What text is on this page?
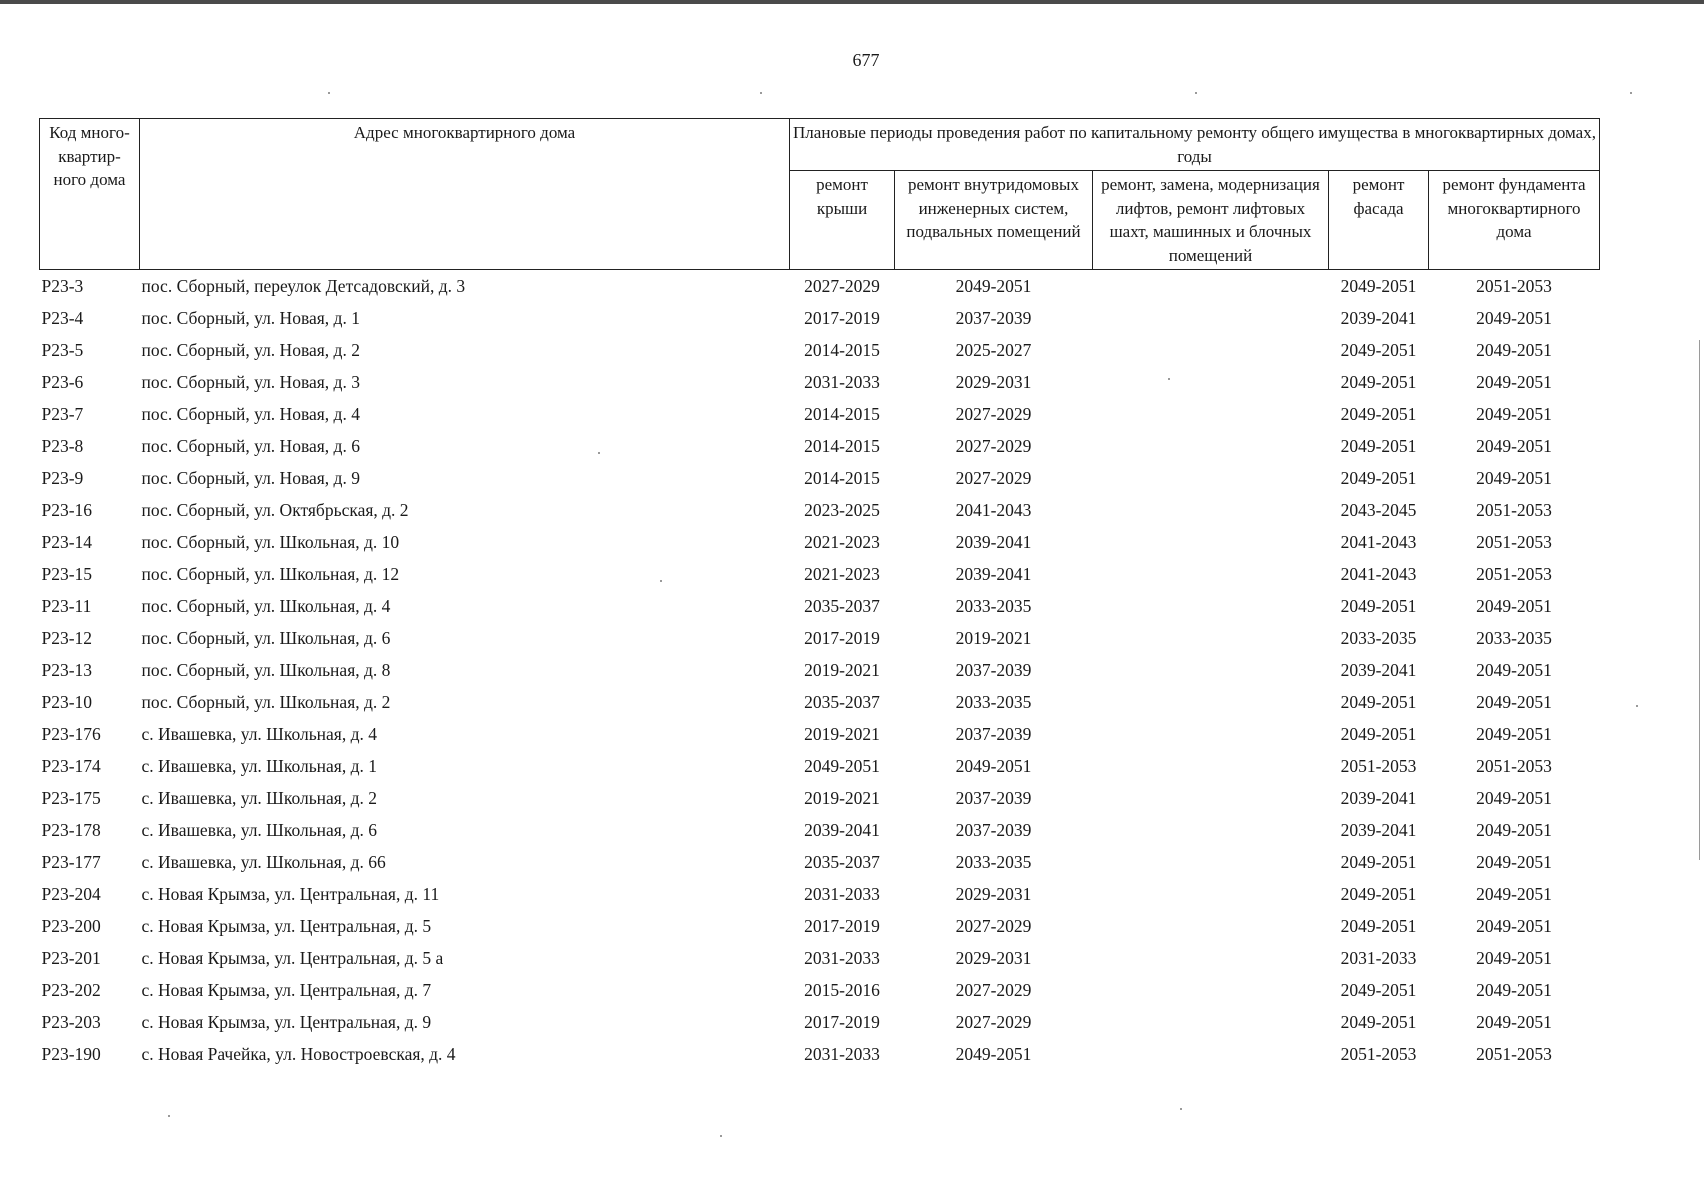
677
Код много-квартир-ного дома	Адрес многоквартирного дома	Плановые периоды проведения работ по капитальному ремонту общего имущества в многоквартирных домах, годы				
		ремонт крыши	ремонт внутридомовых инженерных систем, подвальных помещений	ремонт, замена, модернизация лифтов, ремонт лифтовых шахт, машинных и блочных помещений	ремонт фасада	ремонт фундамента многоквартирного дома
Р23-3	пос. Сборный, переулок Детсадовский, д. 3	2027-2029	2049-2051		2049-2051	2051-2053
Р23-4	пос. Сборный, ул. Новая, д. 1	2017-2019	2037-2039		2039-2041	2049-2051
Р23-5	пос. Сборный, ул. Новая, д. 2	2014-2015	2025-2027		2049-2051	2049-2051
Р23-6	пос. Сборный, ул. Новая, д. 3	2031-2033	2029-2031		2049-2051	2049-2051
Р23-7	пос. Сборный, ул. Новая, д. 4	2014-2015	2027-2029		2049-2051	2049-2051
Р23-8	пос. Сборный, ул. Новая, д. 6	2014-2015	2027-2029		2049-2051	2049-2051
Р23-9	пос. Сборный, ул. Новая, д. 9	2014-2015	2027-2029		2049-2051	2049-2051
Р23-16	пос. Сборный, ул. Октябрьская, д. 2	2023-2025	2041-2043		2043-2045	2051-2053
Р23-14	пос. Сборный, ул. Школьная, д. 10	2021-2023	2039-2041		2041-2043	2051-2053
Р23-15	пос. Сборный, ул. Школьная, д. 12	2021-2023	2039-2041		2041-2043	2051-2053
Р23-11	пос. Сборный, ул. Школьная, д. 4	2035-2037	2033-2035		2049-2051	2049-2051
Р23-12	пос. Сборный, ул. Школьная, д. 6	2017-2019	2019-2021		2033-2035	2033-2035
Р23-13	пос. Сборный, ул. Школьная, д. 8	2019-2021	2037-2039		2039-2041	2049-2051
Р23-10	пос. Сборный, ул. Школьная, д. 2	2035-2037	2033-2035		2049-2051	2049-2051
Р23-176	с. Ивашевка, ул. Школьная, д. 4	2019-2021	2037-2039		2049-2051	2049-2051
Р23-174	с. Ивашевка, ул. Школьная, д. 1	2049-2051	2049-2051		2051-2053	2051-2053
Р23-175	с. Ивашевка, ул. Школьная, д. 2	2019-2021	2037-2039		2039-2041	2049-2051
Р23-178	с. Ивашевка, ул. Школьная, д. 6	2039-2041	2037-2039		2039-2041	2049-2051
Р23-177	с. Ивашевка, ул. Школьная, д. 66	2035-2037	2033-2035		2049-2051	2049-2051
Р23-204	с. Новая Крымза, ул. Центральная, д. 11	2031-2033	2029-2031		2049-2051	2049-2051
Р23-200	с. Новая Крымза, ул. Центральная, д. 5	2017-2019	2027-2029		2049-2051	2049-2051
Р23-201	с. Новая Крымза, ул. Центральная, д. 5 а	2031-2033	2029-2031		2031-2033	2049-2051
Р23-202	с. Новая Крымза, ул. Центральная, д. 7	2015-2016	2027-2029		2049-2051	2049-2051
Р23-203	с. Новая Крымза, ул. Центральная, д. 9	2017-2019	2027-2029		2049-2051	2049-2051
Р23-190	с. Новая Рачейка, ул. Новостроевская, д. 4	2031-2033	2049-2051		2051-2053	2051-2053
